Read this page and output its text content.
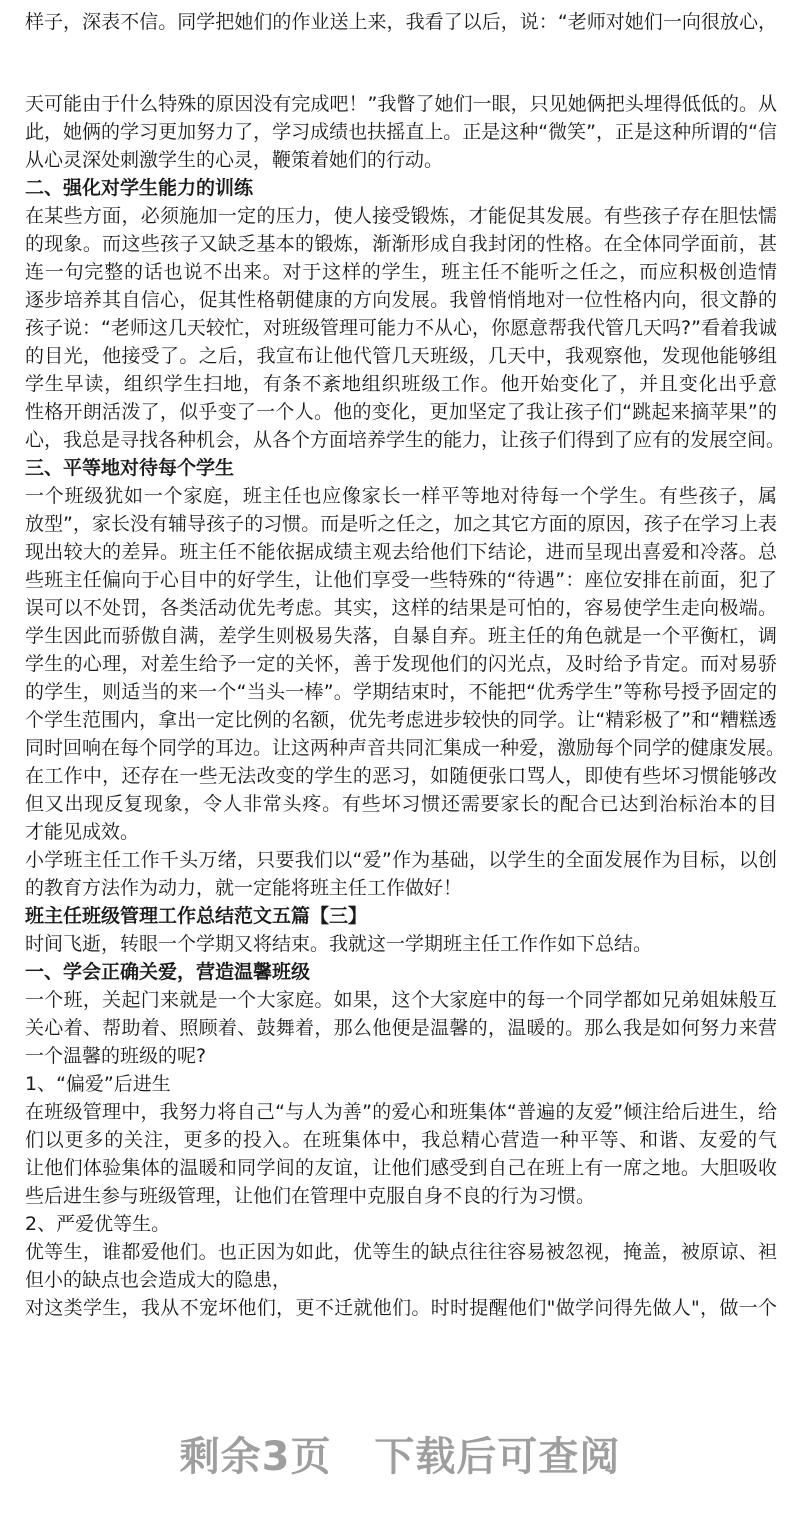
样子，深表不信。同学把她们的作业送上来，我看了以后，说：“老师对她们一向很放心，
天可能由于什么特殊的原因没有完成吧！”我瞥了她们一眼，只见她俩把头埋得低低的。从
此，她俩的学习更加努力了，学习成绩也扶摇直上。正是这种“微笑”，正是这种所谓的“信
从心灵深处刺激学生的心灵，鞭策着她们的行动。
二、强化对学生能力的训练
在某些方面，必须施加一定的压力，使人接受锻炼，才能促其发展。有些孩子存在胆怯懦
的现象。而这些孩子又缺乏基本的锻炼，渐渐形成自我封闭的性格。在全体同学面前，甚
连一句完整的话也说不出来。对于这样的学生，班主任不能听之任之，而应积极创造情
逐步培养其自信心，促其性格朝健康的方向发展。我曾悄悄地对一位性格内向，很文静的
孩子说：“老师这几天较忙，对班级管理可能力不从心，你愿意帮我代管几天吗?”看着我诚
的目光，他接受了。之后，我宣布让他代管几天班级，几天中，我观察他，发现他能够组
学生早读，组织学生扫地，有条不紊地组织班级工作。他开始变化了，并且变化出乎意
性格开朗活泼了，似乎变了一个人。他的变化，更加坚定了我让孩子们“跳起来摘苹果”的
心，我总是寻找各种机会，从各个方面培养学生的能力，让孩子们得到了应有的发展空间。
三、平等地对待每个学生
一个班级犹如一个家庭，班主任也应像家长一样平等地对待每一个学生。有些孩子，属
放型”，家长没有辅导孩子的习惯。而是听之任之，加之其它方面的原因，孩子在学习上表
现出较大的差异。班主任不能依据成绩主观去给他们下结论，进而呈现出喜爱和冷落。总
些班主任偏向于心目中的好学生，让他们享受一些特殊的“待遇”：座位安排在前面，犯了
误可以不处罚，各类活动优先考虑。其实，这样的结果是可怕的，容易使学生走向极端。
学生因此而骄傲自满，差学生则极易失落，自暴自弃。班主任的角色就是一个平衡杠，调
学生的心理，对差生给予一定的关怀，善于发现他们的闪光点，及时给予肯定。而对易骄
的学生，则适当的来一个“当头一棒”。学期结束时，不能把“优秀学生”等称号授予固定的
个学生范围内，拿出一定比例的名额，优先考虑进步较快的同学。让“精彩极了”和“糟糕透
同时回响在每个同学的耳边。让这两种声音共同汇集成一种爱，激励每个同学的健康发展。
在工作中，还存在一些无法改变的学生的恶习，如随便张口骂人，即使有些坏习惯能够改
但又出现反复现象，令人非常头疼。有些坏习惯还需要家长的配合已达到治标治本的目
才能见成效。
小学班主任工作千头万绪，只要我们以“爱”作为基础，以学生的全面发展作为目标，以创
的教育方法作为动力，就一定能将班主任工作做好！
班主任班级管理工作总结范文五篇【三】
时间飞逝，转眼一个学期又将结束。我就这一学期班主任工作作如下总结。
一、学会正确关爱，营造温馨班级
一个班，关起门来就是一个大家庭。如果，这个大家庭中的每一个同学都如兄弟姐妹般互
关心着、帮助着、照顾着、鼓舞着，那么他便是温馨的，温暖的。那么我是如何努力来营
一个温馨的班级的呢?
1、“偏爱”后进生
在班级管理中，我努力将自己“与人为善”的爱心和班集体“普遍的友爱”倾注给后进生，给
们以更多的关注，更多的投入。在班集体中，我总精心营造一种平等、和谐、友爱的气
让他们体验集体的温暖和同学间的友谊，让他们感受到自己在班上有一席之地。大胆吸收
些后进生参与班级管理，让他们在管理中克服自身不良的行为习惯。
2、严爱优等生。
优等生，谁都爱他们。也正因为如此，优等生的缺点往往容易被忽视，掩盖，被原谅、袒
但小的缺点也会造成大的隐患，
对这类学生，我从不宠坏他们，更不迁就他们。时时提醒他们"做学问得先做人"，做一个
剩余3页 下载后可查阅
